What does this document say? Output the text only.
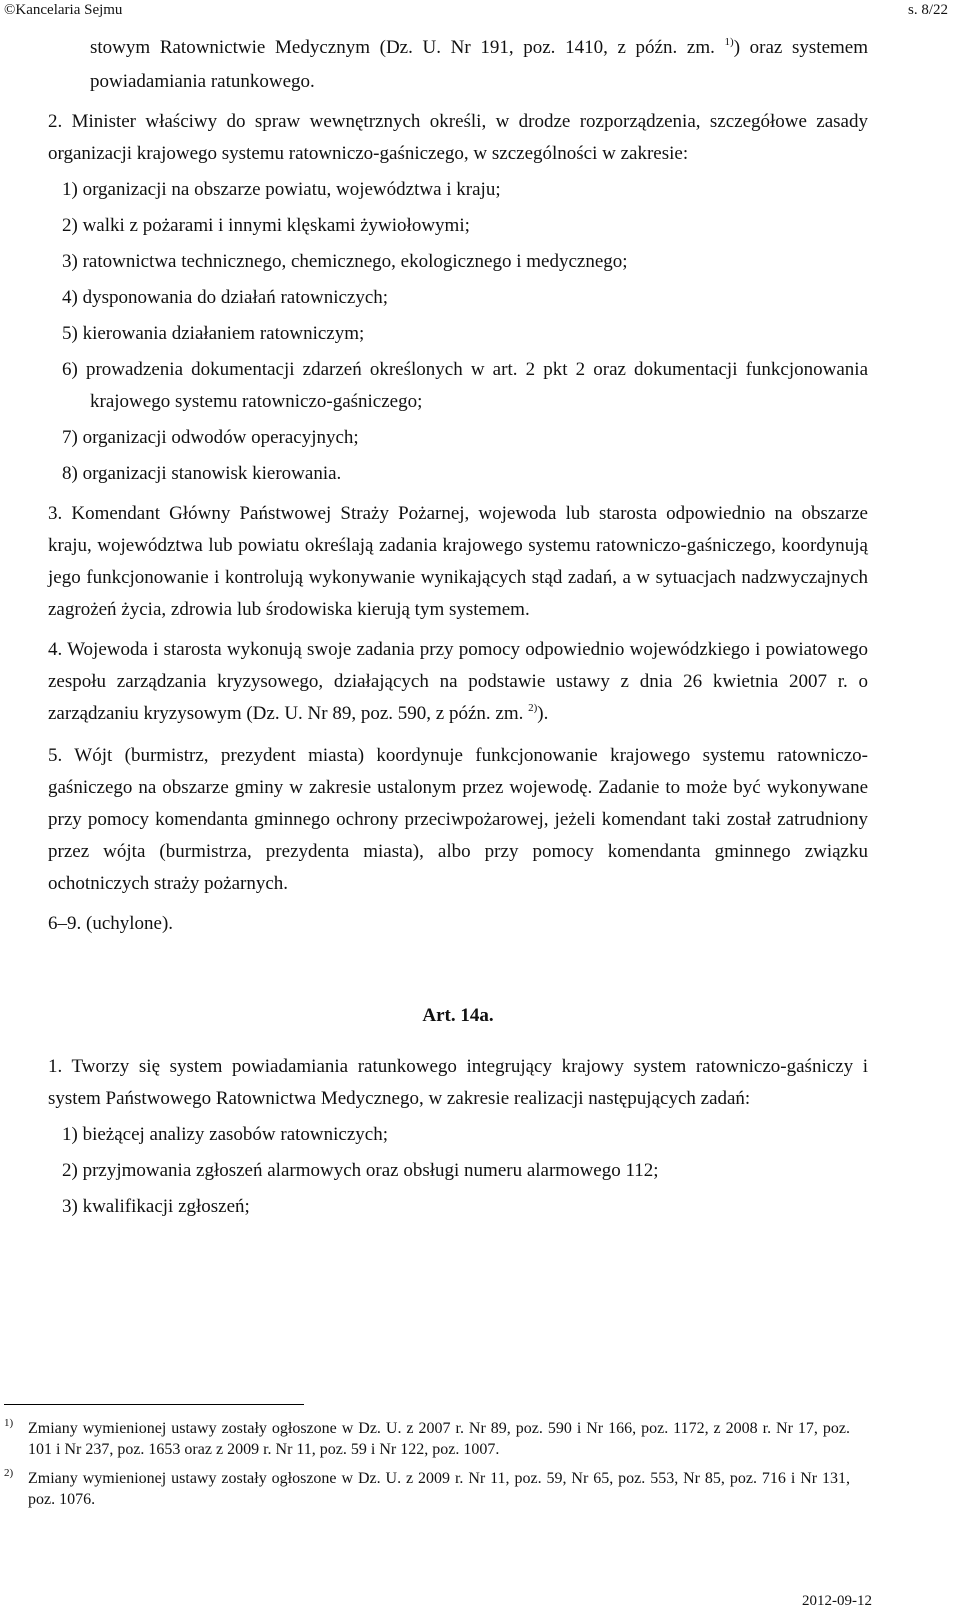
©Kancelaria Sejmu	s. 8/22

stowym Ratownictwie Medycznym (Dz. U. Nr 191, poz. 1410, z późn. zm. $^{1)}$) oraz systemem powiadamiania ratunkowego.

2. Minister właściwy do spraw wewnętrznych określi, w drodze rozporządzenia, szczegółowe zasady organizacji krajowego systemu ratowniczo-gaśniczego, w szczególności w zakresie:

1) organizacji na obszarze powiatu, województwa i kraju;

2) walki z pożarami i innymi klęskami żywiołowymi;

3) ratownictwa technicznego, chemicznego, ekologicznego i medycznego;

4) dysponowania do działań ratowniczych;

5) kierowania działaniem ratowniczym;

6) prowadzenia dokumentacji zdarzeń określonych w art. 2 pkt 2 oraz dokumentacji funkcjonowania krajowego systemu ratowniczo-gaśniczego;

7) organizacji odwodów operacyjnych;

8) organizacji stanowisk kierowania.

3. Komendant Główny Państwowej Straży Pożarnej, wojewoda lub starosta odpowiednio na obszarze kraju, województwa lub powiatu określają zadania krajowego systemu ratowniczo-gaśniczego, koordynują jego funkcjonowanie i kontrolują wykonywanie wynikających stąd zadań, a w sytuacjach nadzwyczajnych zagrożeń życia, zdrowia lub środowiska kierują tym systemem.

4. Wojewoda i starosta wykonują swoje zadania przy pomocy odpowiednio wojewódzkiego i powiatowego zespołu zarządzania kryzysowego, działających na podstawie ustawy z dnia 26 kwietnia 2007 r. o zarządzaniu kryzysowym (Dz. U. Nr 89, poz. 590, z późn. zm. $^{2)}$).

5. Wójt (burmistrz, prezydent miasta) koordynuje funkcjonowanie krajowego systemu ratowniczo-gaśniczego na obszarze gminy w zakresie ustalonym przez wojewodę. Zadanie to może być wykonywane przy pomocy komendanta gminnego ochrony przeciwpożarowej, jeżeli komendant taki został zatrudniony przez wójta (burmistrza, prezydenta miasta), albo przy pomocy komendanta gminnego związku ochotniczych straży pożarnych.

6–9. (uchylone).

Art. 14a.

1. Tworzy się system powiadamiania ratunkowego integrujący krajowy system ratowniczo-gaśniczy i system Państwowego Ratownictwa Medycznego, w zakresie realizacji następujących zadań:

1) bieżącej analizy zasobów ratowniczych;

2) przyjmowania zgłoszeń alarmowych oraz obsługi numeru alarmowego 112;

3) kwalifikacji zgłoszeń;

1) Zmiany wymienionej ustawy zostały ogłoszone w Dz. U. z 2007 r. Nr 89, poz. 590 i Nr 166, poz. 1172, z 2008 r. Nr 17, poz. 101 i Nr 237, poz. 1653 oraz z 2009 r. Nr 11, poz. 59 i Nr 122, poz. 1007.
2) Zmiany wymienionej ustawy zostały ogłoszone w Dz. U. z 2009 r. Nr 11, poz. 59, Nr 65, poz. 553, Nr 85, poz. 716 i Nr 131, poz. 1076.
2012-09-12
